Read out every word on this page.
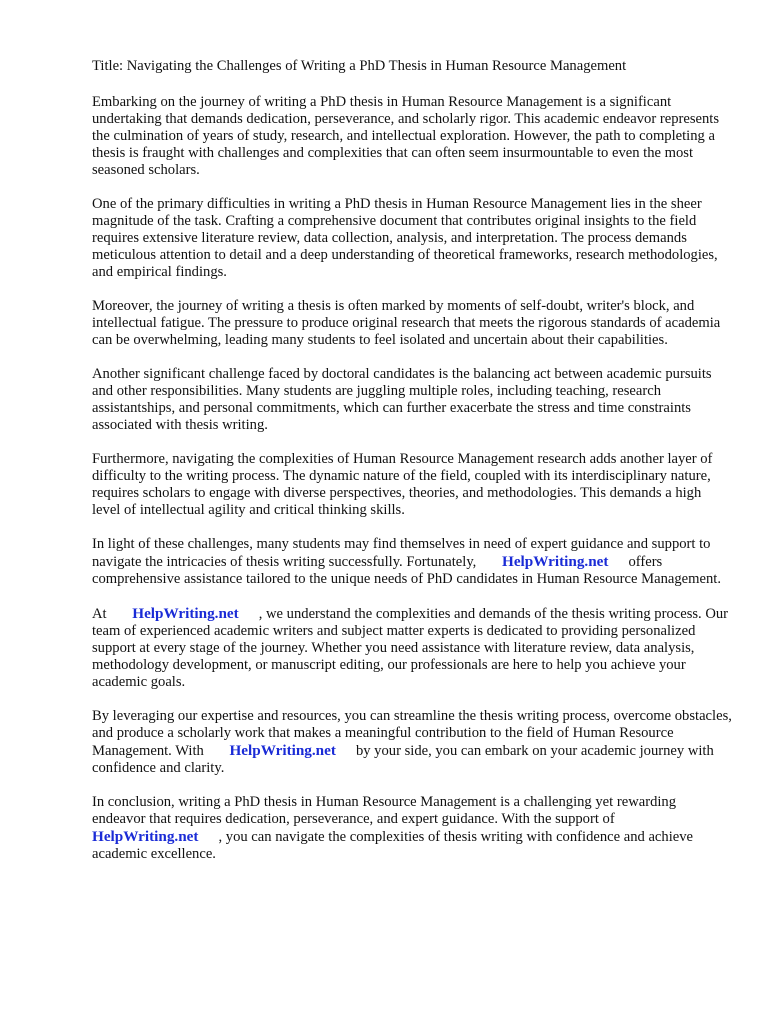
Title: Navigating the Challenges of Writing a PhD Thesis in Human Resource Management

Embarking on the journey of writing a PhD thesis in Human Resource Management is a significant undertaking that demands dedication, perseverance, and scholarly rigor. This academic endeavor represents the culmination of years of study, research, and intellectual exploration. However, the path to completing a thesis is fraught with challenges and complexities that can often seem insurmountable to even the most seasoned scholars.

One of the primary difficulties in writing a PhD thesis in Human Resource Management lies in the sheer magnitude of the task. Crafting a comprehensive document that contributes original insights to the field requires extensive literature review, data collection, analysis, and interpretation. The process demands meticulous attention to detail and a deep understanding of theoretical frameworks, research methodologies, and empirical findings.

Moreover, the journey of writing a thesis is often marked by moments of self-doubt, writer's block, and intellectual fatigue. The pressure to produce original research that meets the rigorous standards of academia can be overwhelming, leading many students to feel isolated and uncertain about their capabilities.

Another significant challenge faced by doctoral candidates is the balancing act between academic pursuits and other responsibilities. Many students are juggling multiple roles, including teaching, research assistantships, and personal commitments, which can further exacerbate the stress and time constraints associated with thesis writing.

Furthermore, navigating the complexities of Human Resource Management research adds another layer of difficulty to the writing process. The dynamic nature of the field, coupled with its interdisciplinary nature, requires scholars to engage with diverse perspectives, theories, and methodologies. This demands a high level of intellectual agility and critical thinking skills.

In light of these challenges, many students may find themselves in need of expert guidance and support to navigate the intricacies of thesis writing successfully. Fortunately, HelpWriting.net offers comprehensive assistance tailored to the unique needs of PhD candidates in Human Resource Management.

At HelpWriting.net , we understand the complexities and demands of the thesis writing process. Our team of experienced academic writers and subject matter experts is dedicated to providing personalized support at every stage of the journey. Whether you need assistance with literature review, data analysis, methodology development, or manuscript editing, our professionals are here to help you achieve your academic goals.

By leveraging our expertise and resources, you can streamline the thesis writing process, overcome obstacles, and produce a scholarly work that makes a meaningful contribution to the field of Human Resource Management. With HelpWriting.net by your side, you can embark on your academic journey with confidence and clarity.

In conclusion, writing a PhD thesis in Human Resource Management is a challenging yet rewarding endeavor that requires dedication, perseverance, and expert guidance. With the support of HelpWriting.net , you can navigate the complexities of thesis writing with confidence and achieve academic excellence.
